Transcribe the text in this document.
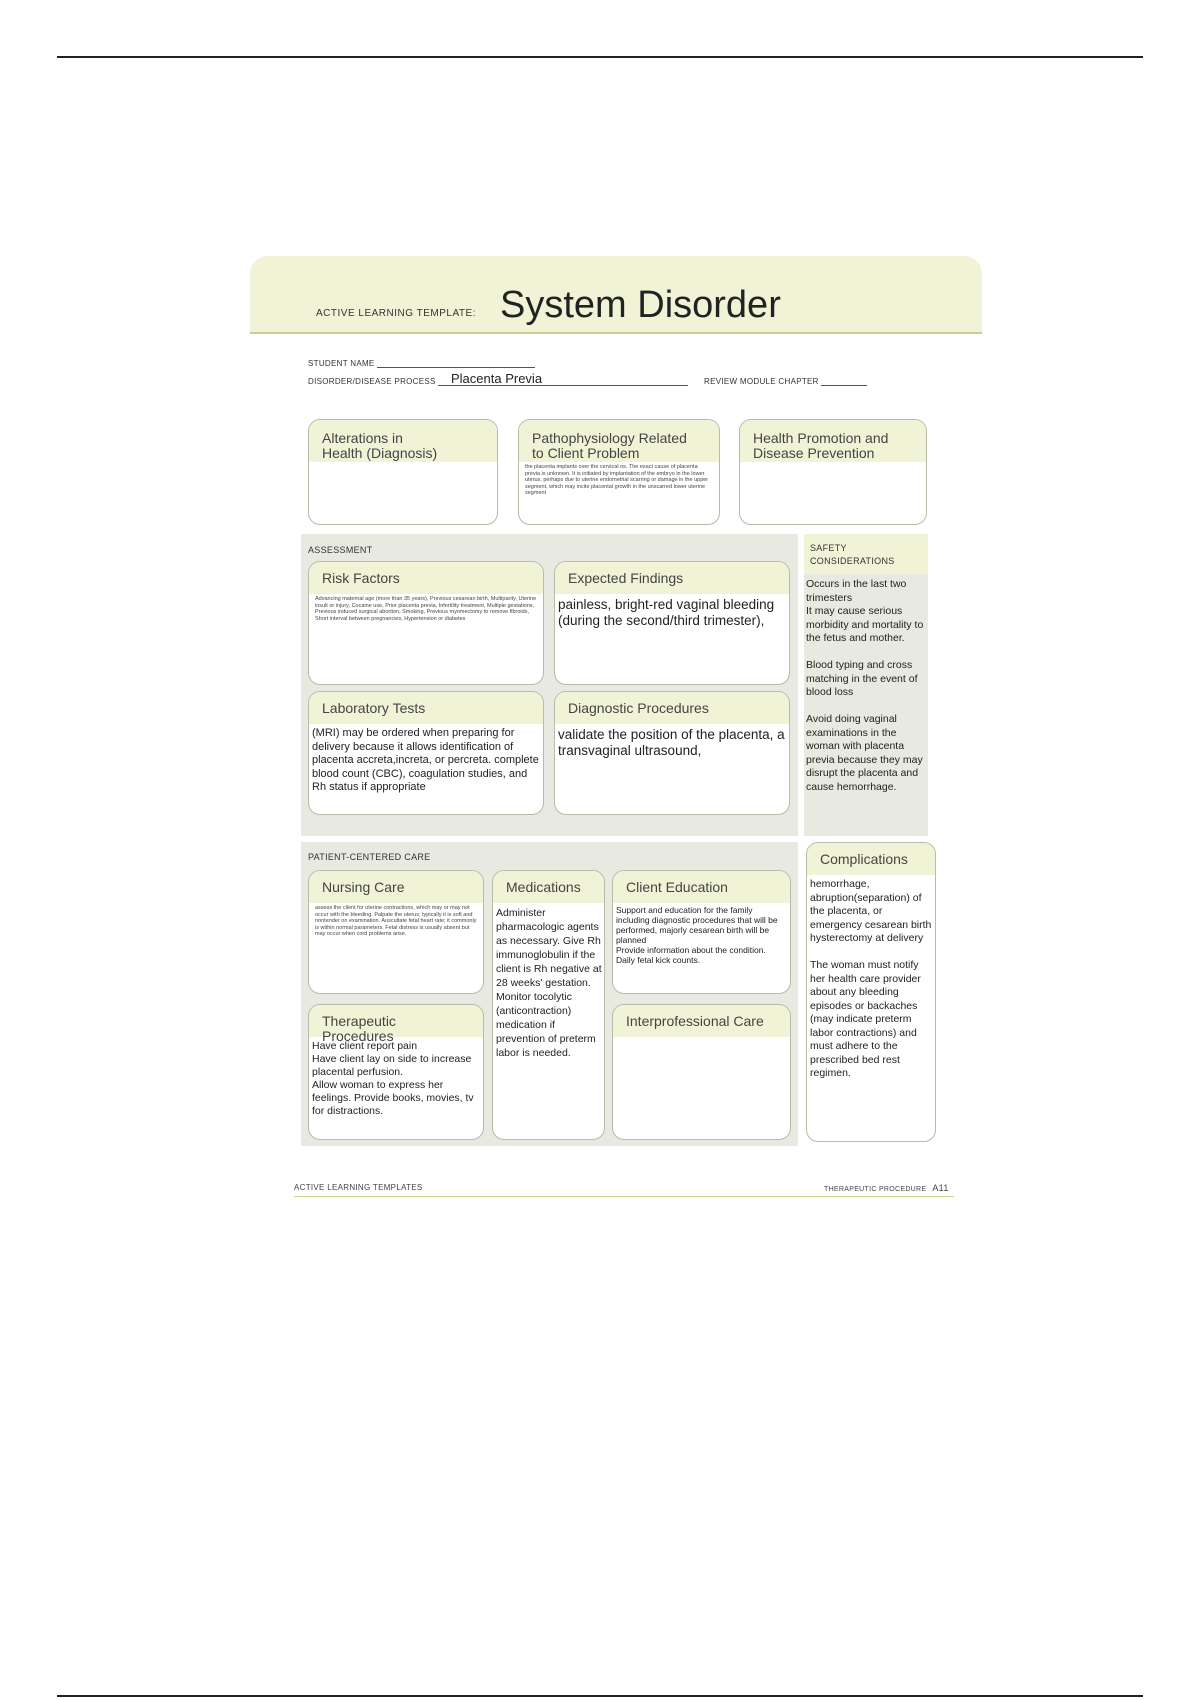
ACTIVE LEARNING TEMPLATE: System Disorder
STUDENT NAME
DISORDER/DISEASE PROCESS Placenta Previa	REVIEW MODULE CHAPTER
Alterations in
Health (Diagnosis)
Pathophysiology Related
to Client Problem
the placenta implants over the cervical os. The exact cause of placenta previa is unknown. It is initiated by implantation of the embryo in the lower uterus, perhaps due to uterine endometrial scarring or damage in the upper segment, which may incite placental growth in the unscarred lower uterine segment
Health Promotion and
Disease Prevention
ASSESSMENT
Risk Factors
Advancing maternal age (more than 35 years), Previous cesarean birth, Multiparity, Uterine insult or injury, Cocaine use, Prior placenta previa, Infertility treatment, Multiple gestations, Previous induced surgical abortion, Smoking, Previous myomectomy to remove fibroids, Short interval between pregnancies, Hypertension or diabetes
Expected Findings
painless, bright-red vaginal bleeding (during the second/third trimester),
Laboratory Tests
(MRI) may be ordered when preparing for delivery because it allows identification of placenta accreta,increta, or percreta. complete blood count (CBC), coagulation studies, and Rh status if appropriate
Diagnostic Procedures
validate the position of the placenta, a transvaginal ultrasound,
SAFETY
CONSIDERATIONS
Occurs in the last two trimesters
It may cause serious morbidity and mortality to the fetus and mother.

Blood typing and cross matching in the event of blood loss

Avoid doing vaginal examinations in the woman with placenta previa because they may disrupt the placenta and cause hemorrhage.
PATIENT-CENTERED CARE
Nursing Care
assess the client for uterine contractions, which may or may not occur with the bleeding. Palpate the uterus; typically it is soft and nontender on examination. Auscultate fetal heart rate; it commonly is within normal parameters. Fetal distress is usually absent but may occur when cord problems arise.
Medications
Administer pharmacologic agents as necessary. Give Rh immunoglobulin if the client is Rh negative at 28 weeks' gestation. Monitor tocolytic (anticontraction) medication if prevention of preterm labor is needed.
Client Education
Support and education for the family including diagnostic procedures that will be performed, majorly cesarean birth will be planned
Provide information about the condition. Daily fetal kick counts.
Therapeutic Procedures
Have client report pain
Have client lay on side to increase placental perfusion.
Allow woman to express her feelings. Provide books, movies, tv for distractions.
Interprofessional Care
Complications
hemorrhage, abruption(separation) of the placenta, or emergency cesarean birth hysterectomy at delivery

The woman must notify her health care provider about any bleeding episodes or backaches (may indicate preterm labor contractions) and must adhere to the prescribed bed rest regimen.
ACTIVE LEARNING TEMPLATES	THERAPEUTIC PROCEDURE A11
